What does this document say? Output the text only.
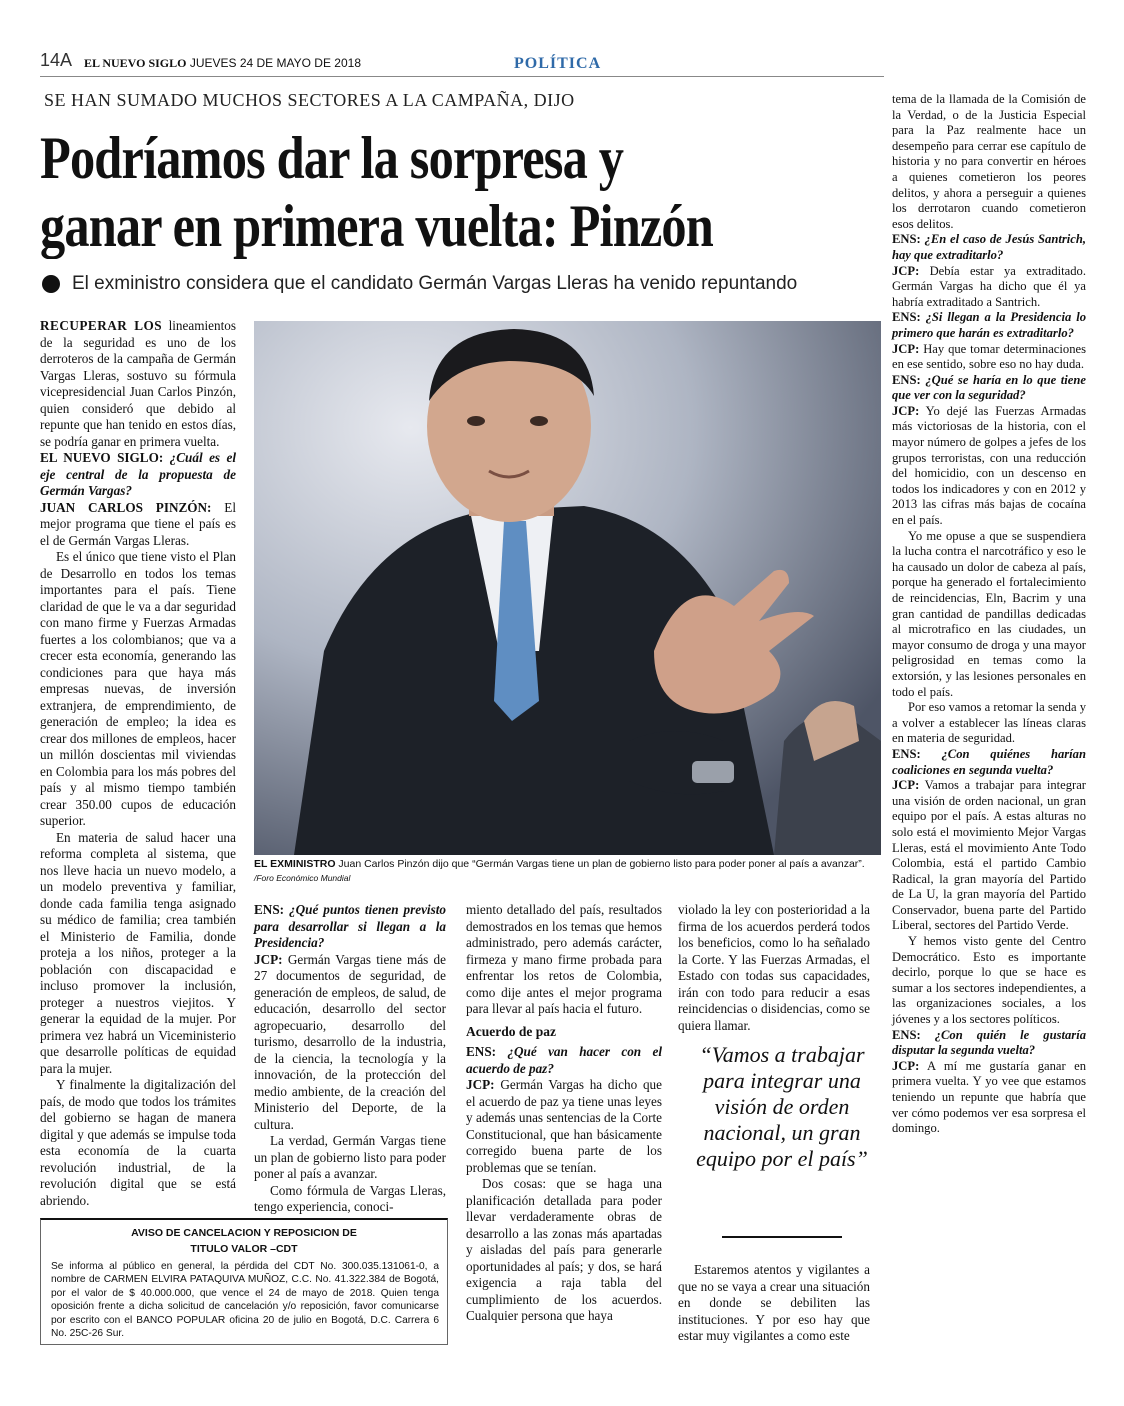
14A EL NUEVO SIGLO JUEVES 24 DE MAYO DE 2018	POLÍTICA
SE HAN SUMADO MUCHOS SECTORES A LA CAMPAÑA, DIJO
Podríamos dar la sorpresa y
ganar en primera vuelta: Pinzón
El exministro considera que el candidato Germán Vargas Lleras ha venido repuntando

RECUPERAR LOS lineamientos de la seguridad es uno de los derroteros de la campaña de Germán Vargas Lleras, sostuvo su fórmula vicepresidencial Juan Carlos Pinzón, quien consideró que debido al repunte que han tenido en estos días, se podría ganar en primera vuelta.

EL NUEVO SIGLO: ¿Cuál es el eje central de la propuesta de Germán Vargas?

JUAN CARLOS PINZÓN: El mejor programa que tiene el país es el de Germán Vargas Lleras.

Es el único que tiene visto el Plan de Desarrollo en todos los temas importantes para el país. Tiene claridad de que le va a dar seguridad con mano firme y Fuerzas Armadas fuertes a los colombianos; que va a crecer esta economía, generando las condiciones para que haya más empresas nuevas, de inversión extranjera, de emprendimiento, de generación de empleo; la idea es crear dos millones de empleos, hacer un millón doscientas mil viviendas en Colombia para los más pobres del país y al mismo tiempo también crear 350.00 cupos de educación superior.

En materia de salud hacer una reforma completa al sistema, que nos lleve hacia un nuevo modelo, a un modelo preventiva y familiar, donde cada familia tenga asignado su médico de familia; crea también el Ministerio de Familia, donde proteja a los niños, proteger a la población con discapacidad e incluso promover la inclusión, proteger a nuestros viejitos. Y generar la equidad de la mujer. Por primera vez habrá un Viceministerio que desarrolle políticas de equidad para la mujer.

Y finalmente la digitalización del país, de modo que todos los trámites del gobierno se hagan de manera digital y que además se impulse toda esta economía de la cuarta revolución industrial, de la revolución digital que se está abriendo.

EL EXMINISTRO Juan Carlos Pinzón dijo que “Germán Vargas tiene un plan de gobierno listo para poder poner al país a avanzar”. /Foro Económico Mundial

ENS: ¿Qué puntos tienen previsto para desarrollar si llegan a la Presidencia?

JCP: Germán Vargas tiene más de 27 documentos de seguridad, de generación de empleos, de salud, de educación, desarrollo del sector agropecuario, desarrollo del turismo, desarrollo de la industria, de la ciencia, la tecnología y la innovación, de la protección del medio ambiente, de la creación del Ministerio del Deporte, de la cultura.

La verdad, Germán Vargas tiene un plan de gobierno listo para poder poner al país a avanzar.

Como fórmula de Vargas Lleras, tengo experiencia, conoci-

miento detallado del país, resultados demostrados en los temas que hemos administrado, pero además carácter, firmeza y mano firme probada para enfrentar los retos de Colombia, como dije antes el mejor programa para llevar al país hacia el futuro.

Acuerdo de paz

ENS: ¿Qué van hacer con el acuerdo de paz?

JCP: Germán Vargas ha dicho que el acuerdo de paz ya tiene unas leyes y además unas sentencias de la Corte Constitucional, que han básicamente corregido buena parte de los problemas que se tenían.

Dos cosas: que se haga una planificación detallada para poder llevar verdaderamente obras de desarrollo a las zonas más apartadas y aisladas del país para generarle oportunidades al país; y dos, se hará exigencia a raja tabla del cumplimiento de los acuerdos. Cualquier persona que haya

violado la ley con posterioridad a la firma de los acuerdos perderá todos los beneficios, como lo ha señalado la Corte. Y las Fuerzas Armadas, el Estado con todas sus capacidades, irán con todo para reducir a esas reincidencias o disidencias, como se quiera llamar.

“Vamos a trabajar para integrar una visión de orden nacional, un gran equipo por el país”

Estaremos atentos y vigilantes a que no se vaya a crear una situación en donde se debiliten las instituciones. Y por eso hay que estar muy vigilantes a como este

tema de la llamada de la Comisión de la Verdad, o de la Justicia Especial para la Paz realmente hace un desempeño para cerrar ese capítulo de historia y no para convertir en héroes a quienes cometieron los peores delitos, y ahora a perseguir a quienes los derrotaron cuando cometieron esos delitos.

ENS: ¿En el caso de Jesús Santrich, hay que extraditarlo?

JCP: Debía estar ya extraditado. Germán Vargas ha dicho que él ya habría extraditado a Santrich.

ENS: ¿Si llegan a la Presidencia lo primero que harán es extraditarlo?

JCP: Hay que tomar determinaciones en ese sentido, sobre eso no hay duda.

ENS: ¿Qué se haría en lo que tiene que ver con la seguridad?

JCP: Yo dejé las Fuerzas Armadas más victoriosas de la historia, con el mayor número de golpes a jefes de los grupos terroristas, con una reducción del homicidio, con un descenso en todos los indicadores y con en 2012 y 2013 las cifras más bajas de cocaína en el país.

Yo me opuse a que se suspendiera la lucha contra el narcotráfico y eso le ha causado un dolor de cabeza al país, porque ha generado el fortalecimiento de reincidencias, Eln, Bacrim y una gran cantidad de pandillas dedicadas al microtrafico en las ciudades, un mayor consumo de droga y una mayor peligrosidad en temas como la extorsión, y las lesiones personales en todo el país.

Por eso vamos a retomar la senda y a volver a establecer las líneas claras en materia de seguridad.

ENS: ¿Con quiénes harían coaliciones en segunda vuelta?

JCP: Vamos a trabajar para integrar una visión de orden nacional, un gran equipo por el país. A estas alturas no solo está el movimiento Mejor Vargas Lleras, está el movimiento Ante Todo Colombia, está el partido Cambio Radical, la gran mayoría del Partido de La U, la gran mayoría del Partido Conservador, buena parte del Partido Liberal, sectores del Partido Verde.

Y hemos visto gente del Centro Democrático. Esto es importante decirlo, porque lo que se hace es sumar a los sectores independientes, a las organizaciones sociales, a los jóvenes y a los sectores políticos.

ENS: ¿Con quién le gustaría disputar la segunda vuelta?

JCP: A mí me gustaría ganar en primera vuelta. Y yo vee que estamos teniendo un repunte que habría que ver cómo podemos ver esa sorpresa el domingo.

AVISO DE CANCELACION Y REPOSICION DE
TITULO VALOR –CDT
Se informa al público en general, la pérdida del CDT No. 300.035.131061-0, a nombre de CARMEN ELVIRA PATAQUIVA MUÑOZ, C.C. No. 41.322.384 de Bogotá, por el valor de $ 40.000.000, que vence el 24 de mayo de 2018. Quien tenga oposición frente a dicha solicitud de cancelación y/o reposición, favor comunicarse por escrito con el BANCO POPULAR oficina 20 de julio en Bogotá, D.C. Carrera 6 No. 25C-26 Sur.
